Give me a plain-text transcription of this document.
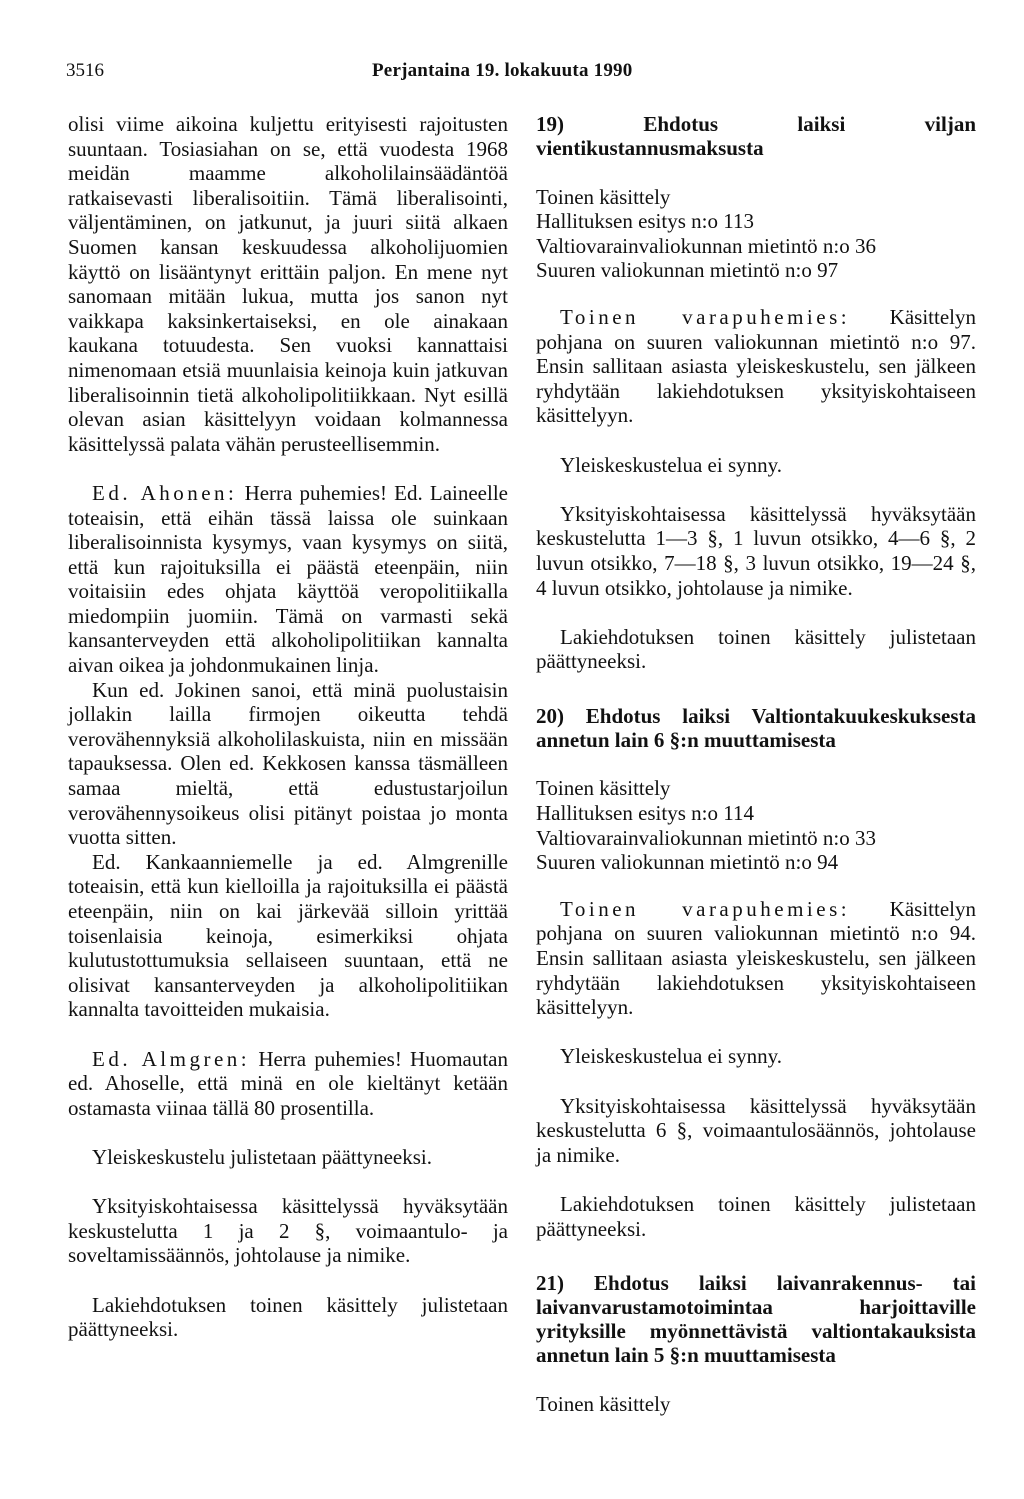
3516	Perjantaina 19. lokakuuta 1990

olisi viime aikoina kuljettu erityisesti rajoitusten suuntaan. Tosiasiahan on se, että vuodesta 1968 meidän maamme alkoholilainsäädäntöä ratkaisevasti liberalisoitiin. Tämä liberalisointi, väljentäminen, on jatkunut, ja juuri siitä alkaen Suomen kansan keskuudessa alkoholijuomien käyttö on lisääntynyt erittäin paljon. En mene nyt sanomaan mitään lukua, mutta jos sanon nyt vaikkapa kaksinkertaiseksi, en ole ainakaan kaukana totuudesta. Sen vuoksi kannattaisi nimenomaan etsiä muunlaisia keinoja kuin jatkuvan liberalisoinnin tietä alkoholipolitiikkaan. Nyt esillä olevan asian käsittelyyn voidaan kolmannessa käsittelyssä palata vähän perusteellisemmin.

Ed. Ahonen: Herra puhemies! Ed. Laineelle toteaisin, että eihän tässä laissa ole suinkaan liberalisoinnista kysymys, vaan kysymys on siitä, että kun rajoituksilla ei päästä eteenpäin, niin voitaisiin edes ohjata käyttöä veropolitiikalla miedompiin juomiin. Tämä on varmasti sekä kansanterveyden että alkoholipolitiikan kannalta aivan oikea ja johdonmukainen linja.

Kun ed. Jokinen sanoi, että minä puolustaisin jollakin lailla firmojen oikeutta tehdä verovähennyksiä alkoholilaskuista, niin en missään tapauksessa. Olen ed. Kekkosen kanssa täsmälleen samaa mieltä, että edustustarjoilun verovähennysoikeus olisi pitänyt poistaa jo monta vuotta sitten.

Ed. Kankaanniemelle ja ed. Almgrenille toteaisin, että kun kielloilla ja rajoituksilla ei päästä eteenpäin, niin on kai järkevää silloin yrittää toisenlaisia keinoja, esimerkiksi ohjata kulutustottumuksia sellaiseen suuntaan, että ne olisivat kansanterveyden ja alkoholipolitiikan kannalta tavoitteiden mukaisia.

Ed. Almgren: Herra puhemies! Huomautan ed. Ahoselle, että minä en ole kieltänyt ketään ostamasta viinaa tällä 80 prosentilla.

Yleiskeskustelu julistetaan päättyneeksi.

Yksityiskohtaisessa käsittelyssä hyväksytään keskustelutta 1 ja 2 §, voimaantulo- ja soveltamissäännös, johtolause ja nimike.

Lakiehdotuksen toinen käsittely julistetaan päättyneeksi.

19) Ehdotus laiksi viljan vientikustannusmaksusta

Toinen käsittely
Hallituksen esitys n:o 113
Valtiovarainvaliokunnan mietintö n:o 36
Suuren valiokunnan mietintö n:o 97

Toinen varapuhemies: Käsittelyn pohjana on suuren valiokunnan mietintö n:o 97. Ensin sallitaan asiasta yleiskeskustelu, sen jälkeen ryhdytään lakiehdotuksen yksityiskohtaiseen käsittelyyn.

Yleiskeskustelua ei synny.

Yksityiskohtaisessa käsittelyssä hyväksytään keskustelutta 1—3 §, 1 luvun otsikko, 4—6 §, 2 luvun otsikko, 7—18 §, 3 luvun otsikko, 19—24 §, 4 luvun otsikko, johtolause ja nimike.

Lakiehdotuksen toinen käsittely julistetaan päättyneeksi.

20) Ehdotus laiksi Valtiontakuukeskuksesta annetun lain 6 §:n muuttamisesta

Toinen käsittely
Hallituksen esitys n:o 114
Valtiovarainvaliokunnan mietintö n:o 33
Suuren valiokunnan mietintö n:o 94

Toinen varapuhemies: Käsittelyn pohjana on suuren valiokunnan mietintö n:o 94. Ensin sallitaan asiasta yleiskeskustelu, sen jälkeen ryhdytään lakiehdotuksen yksityiskohtaiseen käsittelyyn.

Yleiskeskustelua ei synny.

Yksityiskohtaisessa käsittelyssä hyväksytään keskustelutta 6 §, voimaantulosäännös, johtolause ja nimike.

Lakiehdotuksen toinen käsittely julistetaan päättyneeksi.

21) Ehdotus laiksi laivanrakennus- tai laivanvarustamotoimintaa harjoittaville yrityksille myönnettävistä valtiontakauksista annetun lain 5 §:n muuttamisesta

Toinen käsittely
